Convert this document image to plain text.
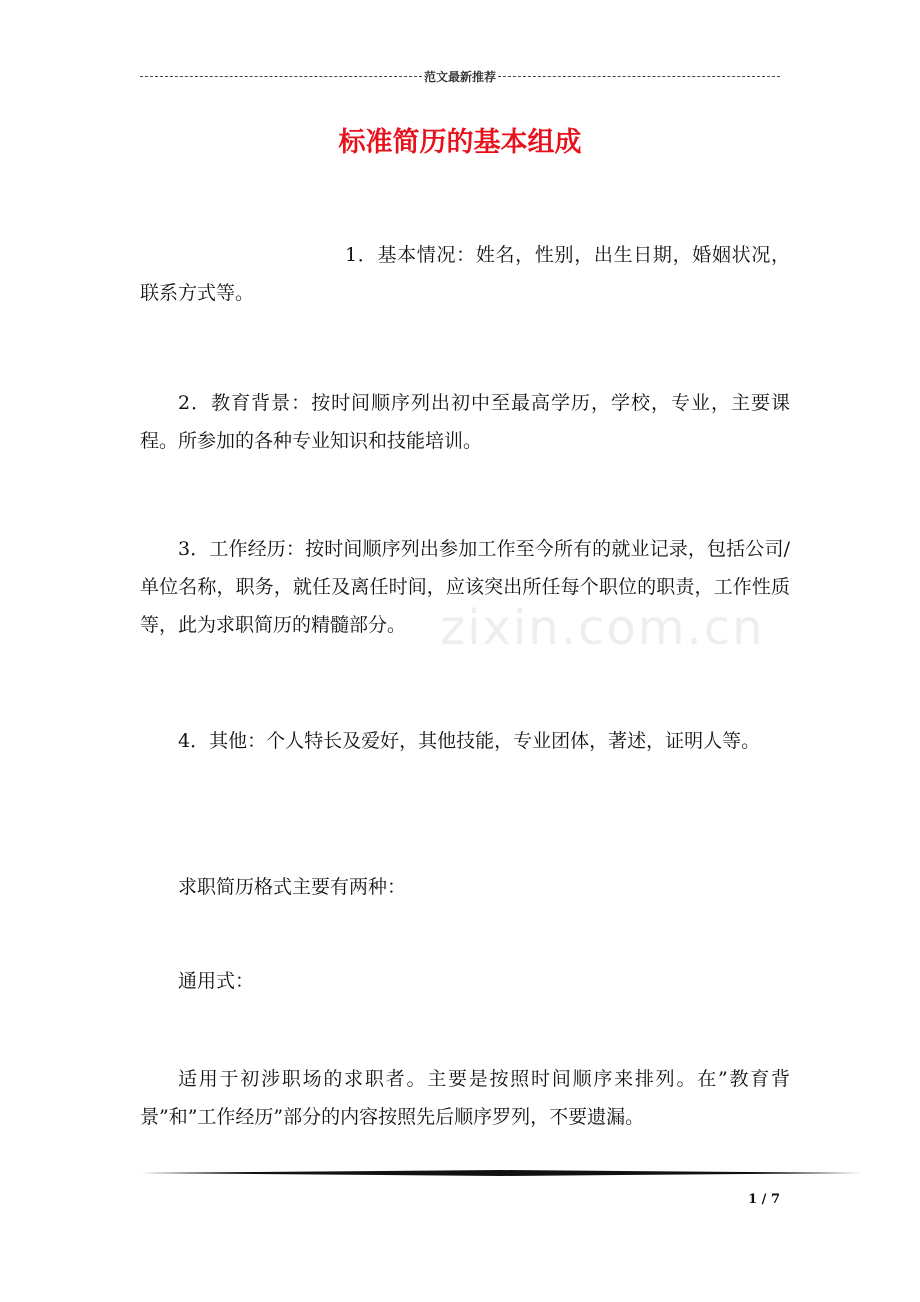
范文最新推荐
标准简历的基本组成
zixin.com.cn

1．基本情况：姓名，性别，出生日期，婚姻状况，联系方式等。

2．教育背景：按时间顺序列出初中至最高学历，学校，专业，主要课程。所参加的各种专业知识和技能培训。

3．工作经历：按时间顺序列出参加工作至今所有的就业记录，包括公司/单位名称，职务，就任及离任时间，应该突出所任每个职位的职责，工作性质等，此为求职简历的精髓部分。

4．其他：个人特长及爱好，其他技能，专业团体，著述，证明人等。

求职简历格式主要有两种：

通用式：

适用于初涉职场的求职者。主要是按照时间顺序来排列。在”教育背景”和”工作经历”部分的内容按照先后顺序罗列，不要遗漏。

1 / 7
